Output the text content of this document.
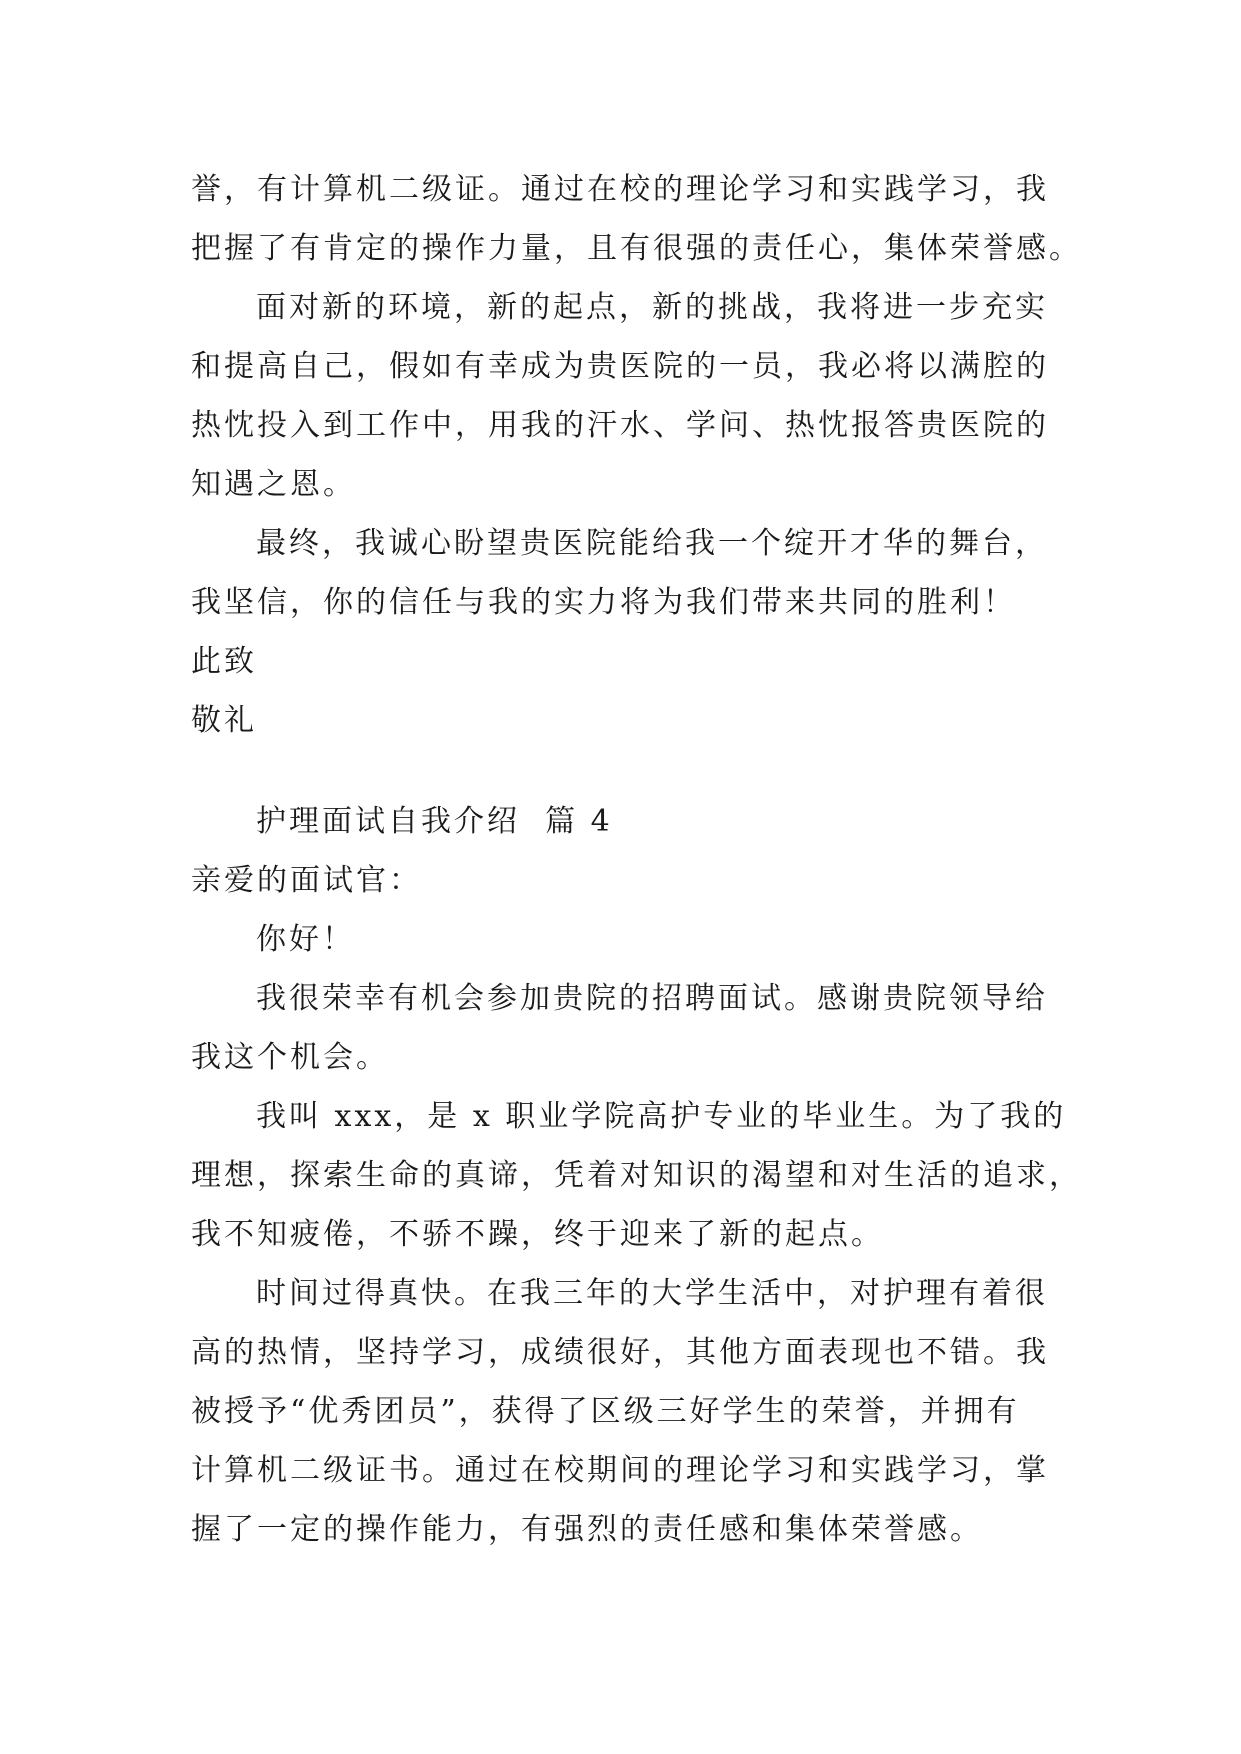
誉，有计算机二级证。通过在校的理论学习和实践学习，我
把握了有肯定的操作力量，且有很强的责任心，集体荣誉感。
面对新的环境，新的起点，新的挑战，我将进一步充实
和提高自己，假如有幸成为贵医院的一员，我必将以满腔的
热忱投入到工作中，用我的汗水、学问、热忱报答贵医院的
知遇之恩。
最终，我诚心盼望贵医院能给我一个绽开才华的舞台，
我坚信，你的信任与我的实力将为我们带来共同的胜利！
此致
敬礼
护理面试自我介绍  篇 4
亲爱的面试官：
你好！
我很荣幸有机会参加贵院的招聘面试。感谢贵院领导给
我这个机会。
我叫 xxx，是 x 职业学院高护专业的毕业生。为了我的
理想，探索生命的真谛，凭着对知识的渴望和对生活的追求，
我不知疲倦，不骄不躁，终于迎来了新的起点。
时间过得真快。在我三年的大学生活中，对护理有着很
高的热情，坚持学习，成绩很好，其他方面表现也不错。我
被授予“优秀团员”，获得了区级三好学生的荣誉，并拥有
计算机二级证书。通过在校期间的理论学习和实践学习，掌
握了一定的操作能力，有强烈的责任感和集体荣誉感。
